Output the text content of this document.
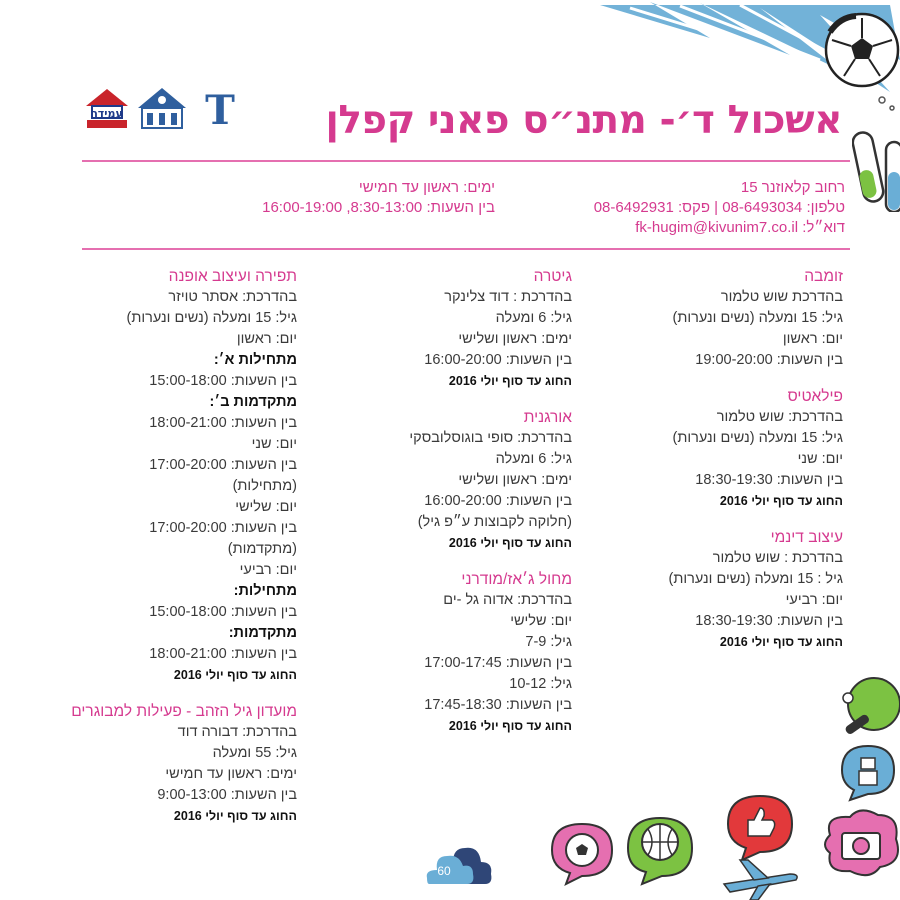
עמידר T אשכול ד׳- מתנ״ס פאני קפלן
רחוב קלאוזנר 15
טלפון: 08-6493034 | פקס: 08-6492931
דוא״ל: fk-hugim@kivunim7.co.il
ימים: ראשון עד חמישי
בין השעות: 8:30-13:00, 16:00-19:00
זומבה
בהדרכת שוש טלמור
גיל: 15 ומעלה (נשים ונערות)
יום: ראשון
בין השעות: 19:00-20:00
פילאטיס
בהדרכת: שוש טלמור
גיל: 15 ומעלה (נשים ונערות)
יום: שני
בין השעות: 18:30-19:30
החוג עד סוף יולי 2016
עיצוב דינמי
בהדרכת : שוש טלמור
גיל : 15 ומעלה (נשים ונערות)
יום: רביעי
בין השעות: 18:30-19:30
החוג עד סוף יולי 2016
גיטרה
בהדרכת : דוד צלינקר
גיל: 6 ומעלה
ימים: ראשון ושלישי
בין השעות: 16:00-20:00
החוג עד סוף יולי 2016
אורגנית
בהדרכת: סופי בוגוסלובסקי
גיל: 6 ומעלה
ימים: ראשון ושלישי
בין השעות: 16:00-20:00
(חלוקה לקבוצות ע״פ גיל)
החוג עד סוף יולי 2016
מחול ג׳אז/מודרני
בהדרכת: אדוה גל -ים
יום: שלישי
גיל: 7-9
בין השעות: 17:00-17:45
גיל: 10-12
בין השעות: 17:45-18:30
החוג עד סוף יולי 2016
תפירה ועיצוב אופנה
בהדרכת: אסתר טויזר
גיל: 15 ומעלה (נשים ונערות)
יום: ראשון
מתחילות א׳:
בין השעות: 15:00-18:00
מתקדמות ב׳:
בין השעות: 18:00-21:00
יום: שני
בין השעות: 17:00-20:00
(מתחילות)
יום: שלישי
בין השעות: 17:00-20:00
(מתקדמות)
יום: רביעי
מתחילות:
בין השעות: 15:00-18:00
מתקדמות:
בין השעות: 18:00-21:00
החוג עד סוף יולי 2016
מועדון גיל הזהב - פעילות למבוגרים
בהדרכת: דבורה דוד
גיל: 55 ומעלה
ימים: ראשון עד חמישי
בין השעות: 9:00-13:00
החוג עד סוף יולי 2016
60
